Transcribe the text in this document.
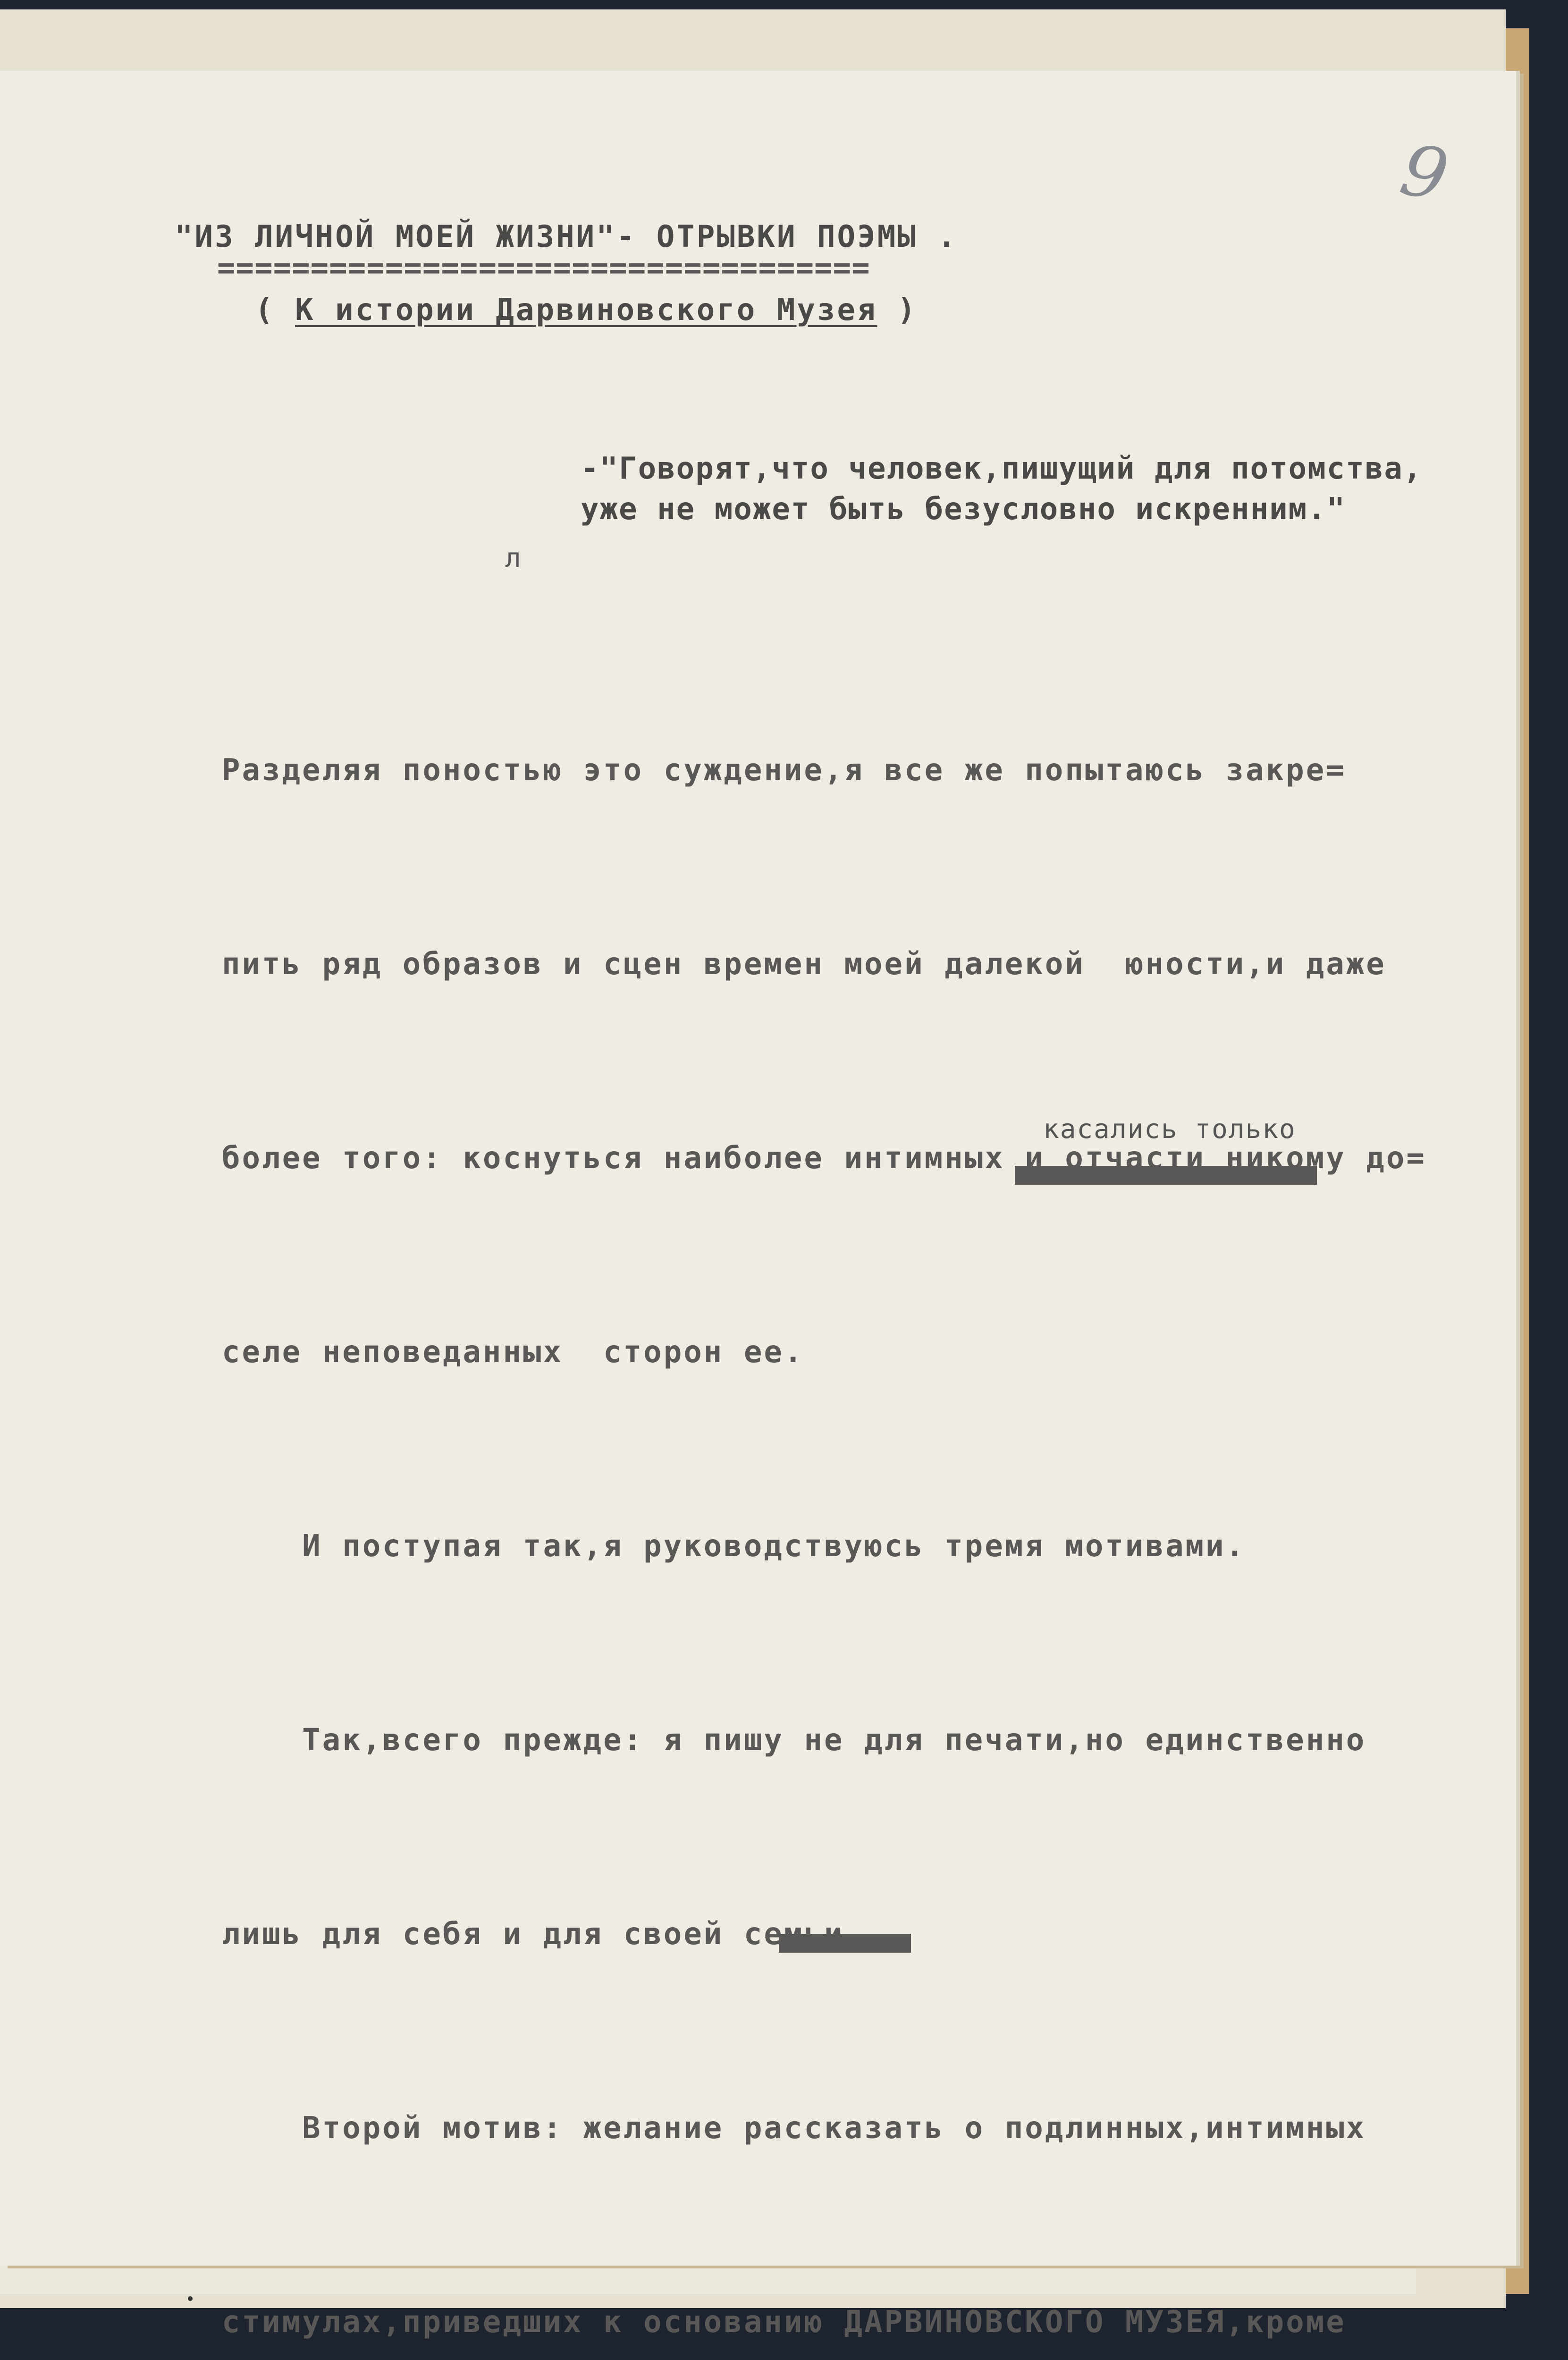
9
"ИЗ ЛИЧНОЙ МОЕЙ ЖИЗНИ"- ОТРЫВКИ ПОЭМЫ .
===================================
( К истории Дарвиновского Музея )
-"Говорят,что человек,пишущий для потомства,
уже не может быть безусловно искренним."
л
касались только

Разделяя поностью это суждение,я все же попытаюсь закре=

пить ряд образов и сцен времен моей далекой  юности,и даже

более того: коснуться наиболее интимных и отчасти никому до=

селе неповеданных  сторон ее.

И поступая так,я руководствуюсь тремя мотивами.

Так,всего прежде: я пишу не для печати,но единственно

лишь для себя и для своей семьи.

Второй мотив: желание рассказать о подлинных,интимных

стимулах,приведших к основанию ДАРВИНОВСКОГО МУЗЕЯ,кроме
